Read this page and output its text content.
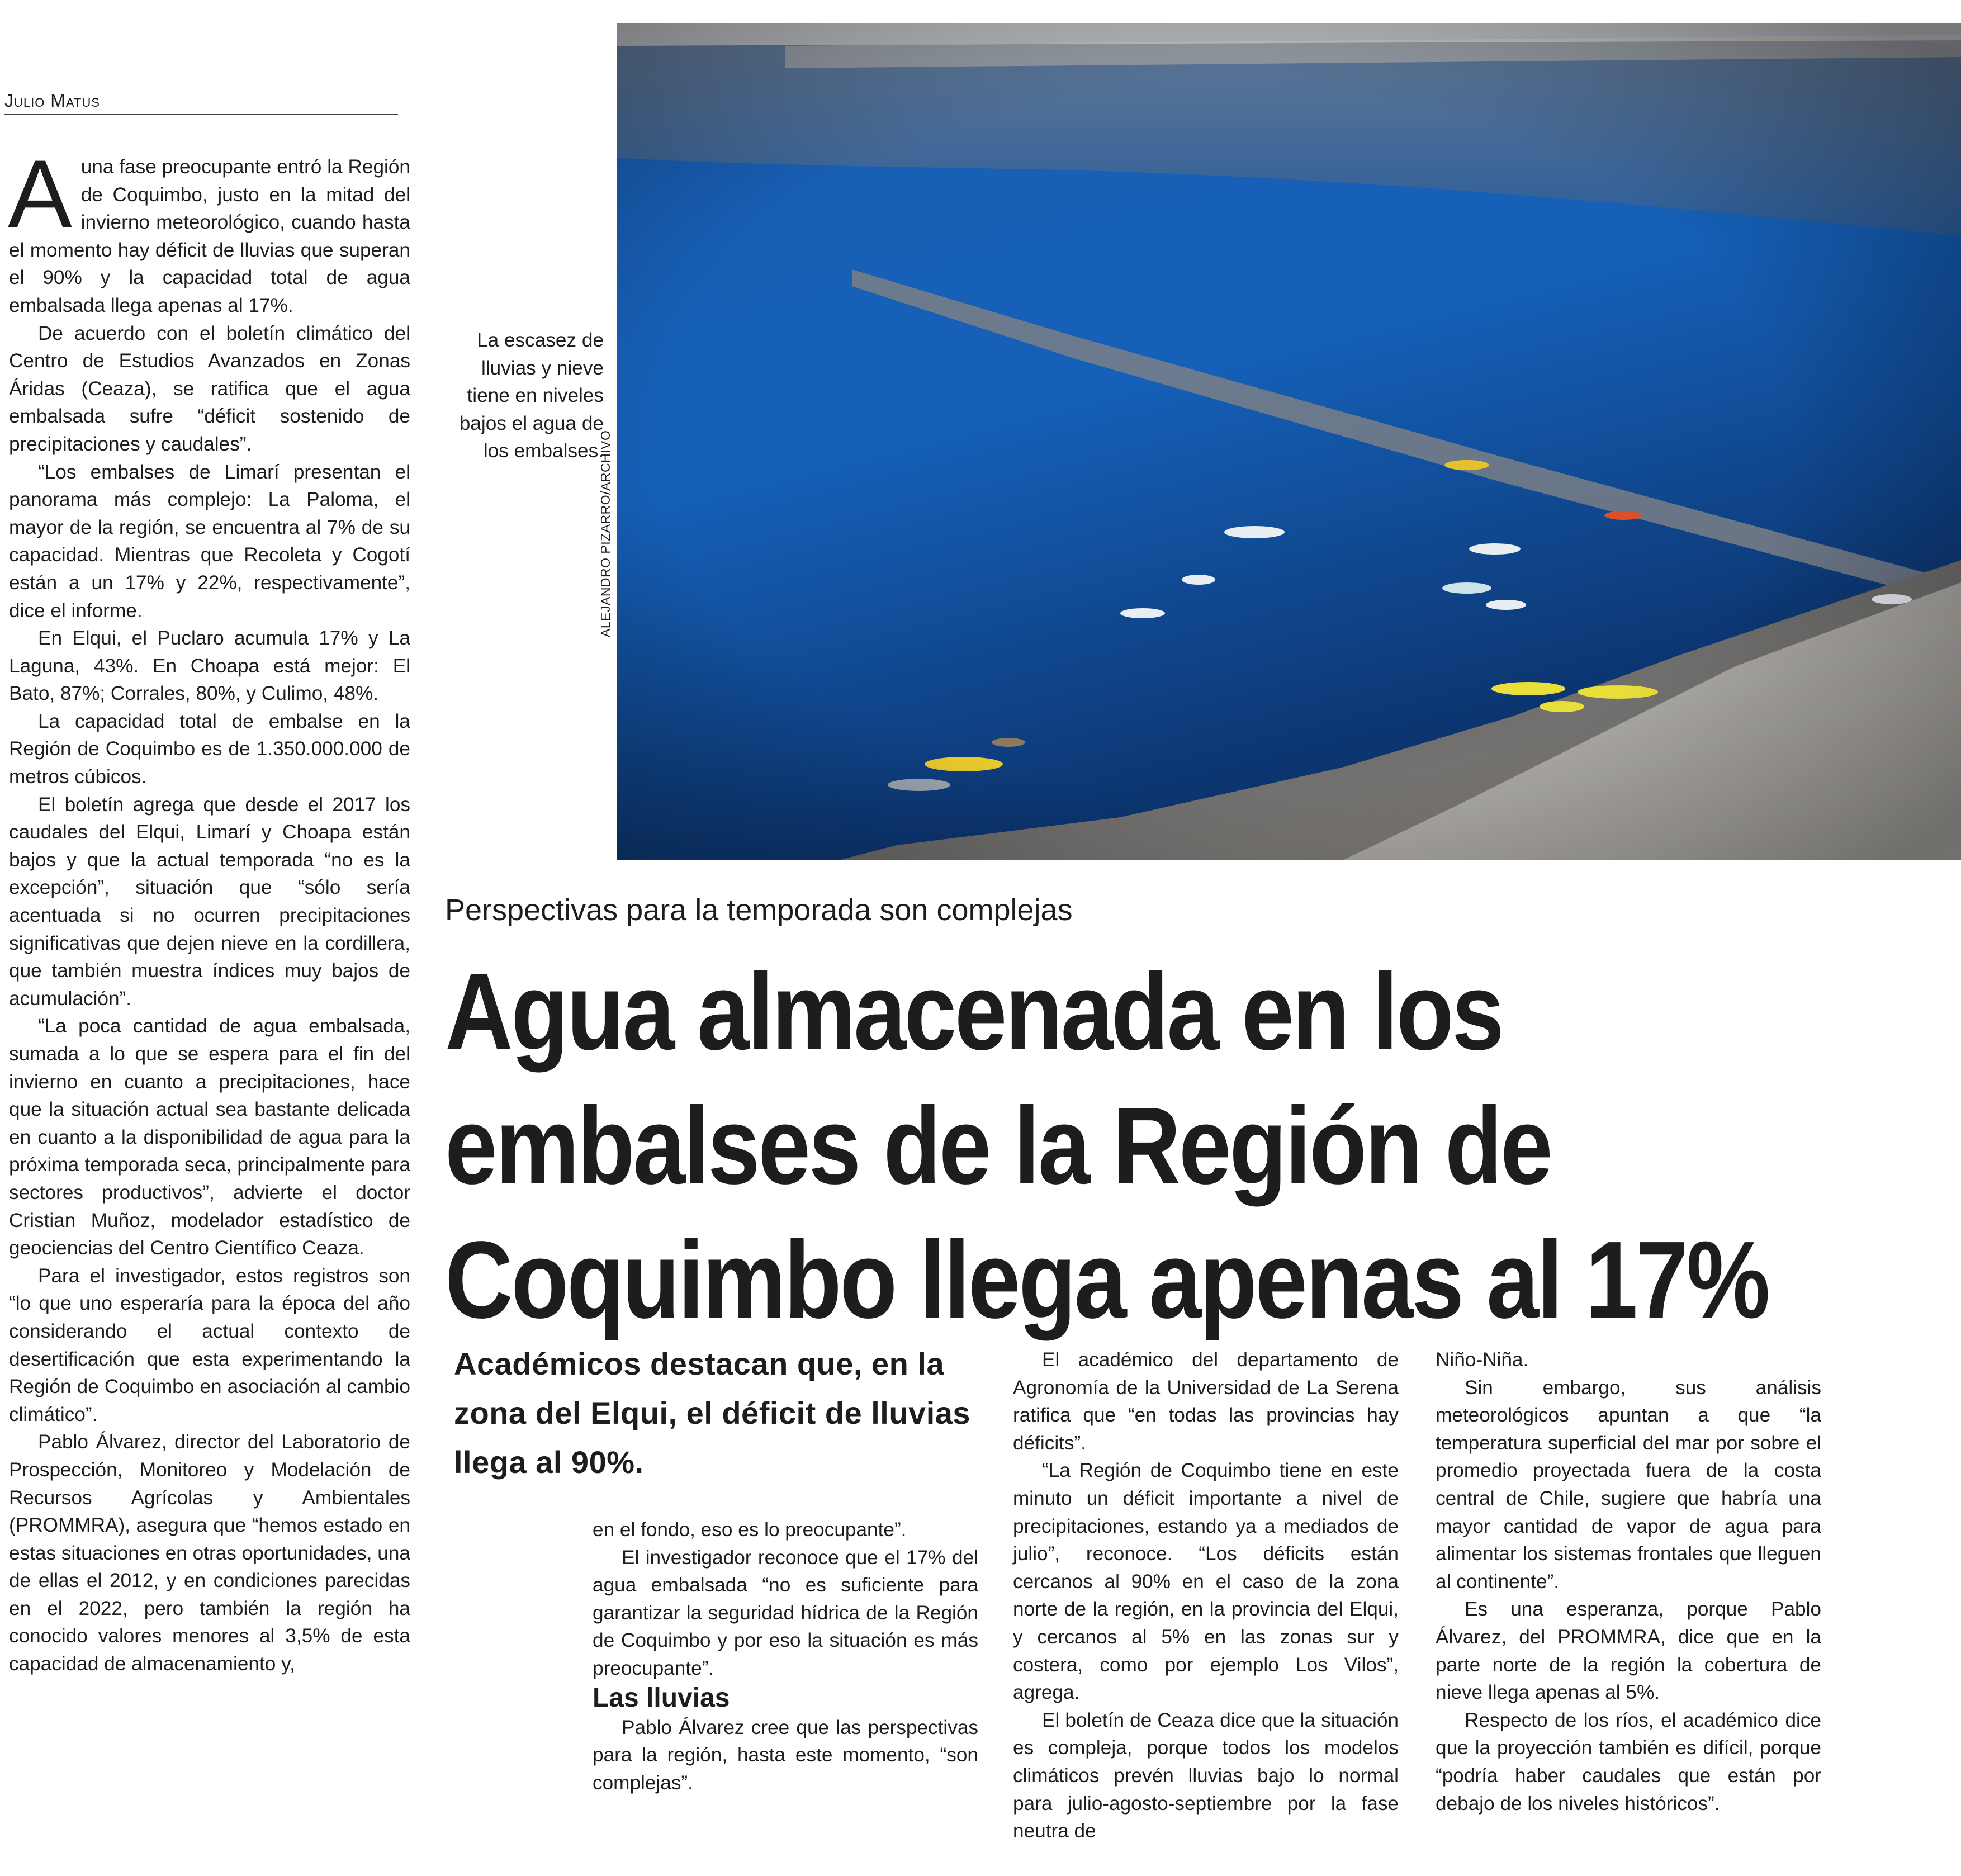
Julio Matus

Auna fase preocupante entró la Región de Coquimbo, justo en la mitad del invierno meteorológico, cuando hasta el momento hay déficit de lluvias que superan el 90% y la capacidad total de agua embalsada llega apenas al 17%.

De acuerdo con el boletín climático del Centro de Estudios Avanzados en Zonas Áridas (Ceaza), se ratifica que el agua embalsada sufre “déficit sostenido de precipitaciones y caudales”.

“Los embalses de Limarí presentan el panorama más complejo: La Paloma, el mayor de la región, se encuentra al 7% de su capacidad. Mientras que Recoleta y Cogotí están a un 17% y 22%, respectivamente”, dice el informe.

En Elqui, el Puclaro acumula 17% y La Laguna, 43%. En Choapa está mejor: El Bato, 87%; Corrales, 80%, y Culimo, 48%.

La capacidad total de embalse en la Región de Coquimbo es de 1.350.000.000 de metros cúbicos.

El boletín agrega que desde el 2017 los caudales del Elqui, Limarí y Choapa están bajos y que la actual temporada “no es la excepción”, situación que “sólo sería acentuada si no ocurren precipitaciones significativas que dejen nieve en la cordillera, que también muestra índices muy bajos de acumulación”.

“La poca cantidad de agua embalsada, sumada a lo que se espera para el fin del invierno en cuanto a precipitaciones, hace que la situación actual sea bastante delicada en cuanto a la disponibilidad de agua para la próxima temporada seca, principalmente para sectores productivos”, advierte el doctor Cristian Muñoz, modelador estadístico de geociencias del Centro Científico Ceaza.

Para el investigador, estos registros son “lo que uno esperaría para la época del año considerando el actual contexto de desertificación que esta experimentando la Región de Coquimbo en asociación al cambio climático”.

Pablo Álvarez, director del Laboratorio de Prospección, Monitoreo y Modelación de Recursos Agrícolas y Ambientales (PROMMRA), asegura que “hemos estado en estas situaciones en otras oportunidades, una de ellas el 2012, y en condiciones parecidas en el 2022, pero también la región ha conocido valores menores al 3,5% de esta capacidad de almacenamiento y,

La escasez de lluvias y nieve tiene en niveles bajos el agua de los embalses.
ALEJANDRO PIZARRO/ARCHIVO
Perspectivas para la temporada son complejas
Agua almacenada en los
embalses de la Región de
Coquimbo llega apenas al 17%
Académicos destacan que, en la zona del Elqui, el déficit de lluvias llega al 90%.

en el fondo, eso es lo preocupante”.

El investigador reconoce que el 17% del agua embalsada “no es suficiente para garantizar la seguridad hídrica de la Región de Coquimbo y por eso la situación es más preocupante”.

Las lluvias

Pablo Álvarez cree que las perspectivas para la región, hasta este momento, “son complejas”.

El académico del departamento de Agronomía de la Universidad de La Serena ratifica que “en todas las provincias hay déficits”.

“La Región de Coquimbo tiene en este minuto un déficit importante a nivel de precipitaciones, estando ya a mediados de julio”, reconoce. “Los déficits están cercanos al 90% en el caso de la zona norte de la región, en la provincia del Elqui, y cercanos al 5% en las zonas sur y costera, como por ejemplo Los Vilos”, agrega.

El boletín de Ceaza dice que la situación es compleja, porque todos los modelos climáticos prevén lluvias bajo lo normal para julio-agosto-septiembre por la fase neutra de

Niño-Niña.

Sin embargo, sus análisis meteorológicos apuntan a que “la temperatura superficial del mar por sobre el promedio proyectada fuera de la costa central de Chile, sugiere que habría una mayor cantidad de vapor de agua para alimentar los sistemas frontales que lleguen al continente”.

Es una esperanza, porque Pablo Álvarez, del PROMMRA, dice que en la parte norte de la región la cobertura de nieve llega apenas al 5%.

Respecto de los ríos, el académico dice que la proyección también es difícil, porque “podría haber caudales que están por debajo de los niveles históricos”.
